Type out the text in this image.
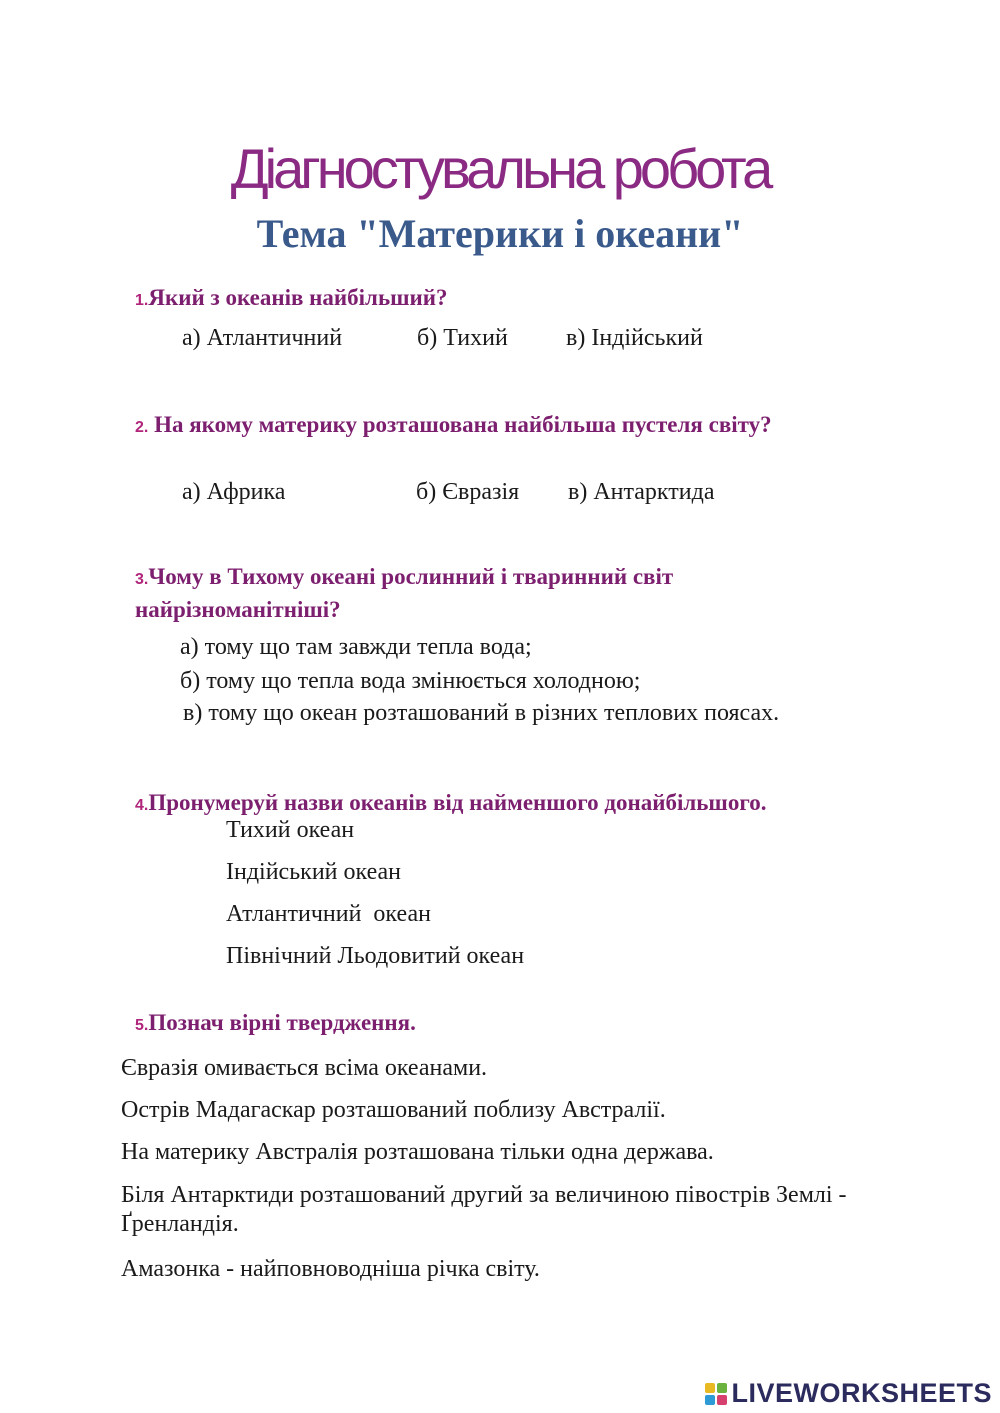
Діагностувальна робота
Тема "Материки і океани"
1.Який з океанів найбільший?
а) Атлантичний	б) Тихий в) Індійський
2. На якому материку розташована найбільша пустеля світу?
а) Африка	б) Євразія в) Антарктида
3.Чому в Тихому океані рослинний і тваринний світ найрізноманітніші?
а) тому що там завжди тепла вода;
б) тому що тепла вода змінюється холодною;
в) тому що океан розташований в різних теплових поясах.
4.Пронумеруй назви океанів від найменшого донайбільшого.
Тихий океан
Індійський океан
Атлантичний  океан
Північний Льодовитий океан
5.Познач вірні твердження.
Євразія омивається всіма океанами.
Острів Мадагаскар розташований поблизу Австралії.
На материку Австралія розташована тільки одна держава.
Біля Антарктиди розташований другий за величиною півострів Землі -  Ґренландія.
Амазонка - найповноводніша річка світу.
LIVEWORKSHEETS
